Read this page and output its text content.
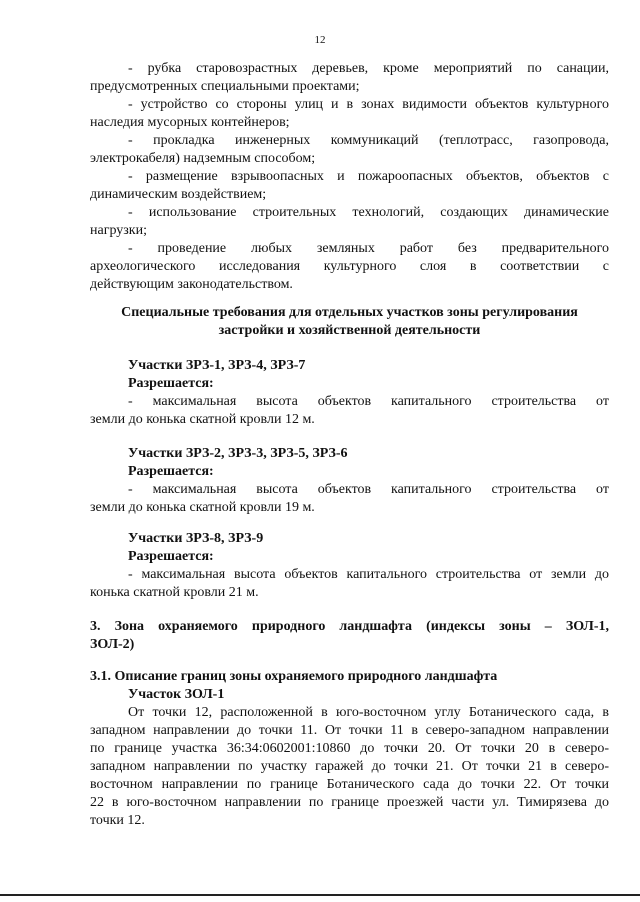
12
- рубка старовозрастных деревьев, кроме мероприятий по санации,
предусмотренных специальными проектами;
- устройство со стороны улиц и в зонах видимости объектов культурного
наследия мусорных контейнеров;
- прокладка инженерных коммуникаций (теплотрасс, газопровода,
электрокабеля) надземным способом;
- размещение взрывоопасных и пожароопасных объектов, объектов с
динамическим воздействием;
- использование строительных технологий, создающих динамические
нагрузки;
- проведение любых земляных работ без предварительного
археологического исследования культурного слоя в соответствии с
действующим законодательством.
Специальные требования для отдельных участков зоны регулирования
застройки и хозяйственной деятельности
Участки ЗРЗ-1, ЗРЗ-4, ЗРЗ-7
Разрешается:
- максимальная высота объектов капитального строительства от
земли до конька скатной кровли 12 м.
Участки ЗРЗ-2, ЗРЗ-3, ЗРЗ-5, ЗРЗ-6
Разрешается:
- максимальная высота объектов капитального строительства от
земли до конька скатной кровли 19 м.
Участки ЗРЗ-8, ЗРЗ-9
Разрешается:
- максимальная высота объектов капитального строительства от земли до
конька скатной кровли 21 м.
3. Зона охраняемого природного ландшафта (индексы зоны – ЗОЛ-1,
ЗОЛ-2)
3.1. Описание границ зоны охраняемого природного ландшафта
Участок ЗОЛ-1
От точки 12, расположенной в юго-восточном углу Ботанического сада, в
западном направлении до точки 11. От точки 11 в северо-западном направлении
по границе участка 36:34:0602001:10860 до точки 20. От точки 20 в северо-
западном направлении по участку гаражей до точки 21. От точки 21 в северо-
восточном направлении по границе Ботанического сада до точки 22. От точки
22 в юго-восточном направлении по границе проезжей части ул. Тимирязева до
точки 12.
